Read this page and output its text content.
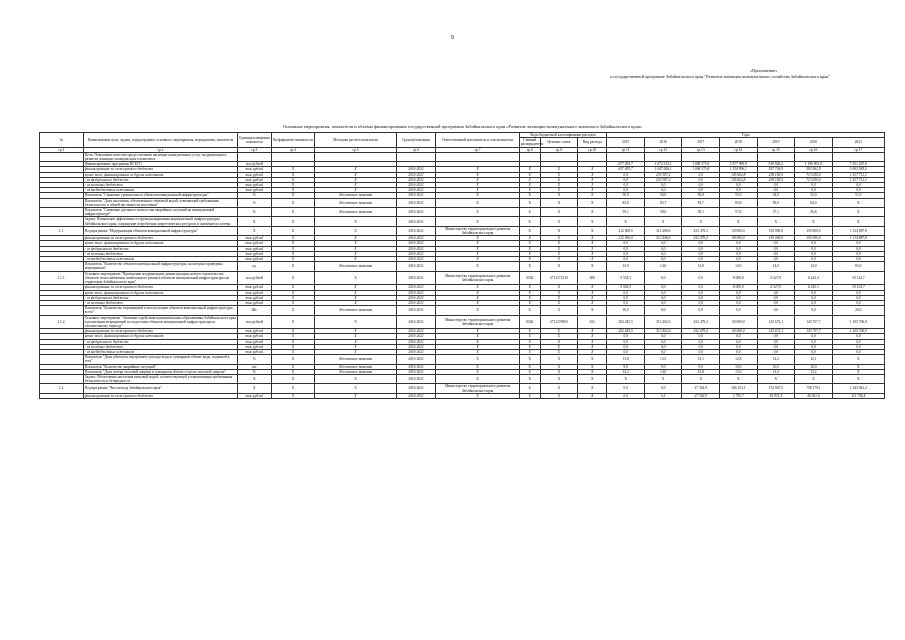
9
«Приложение»
к государственной программе Забайкальского края "Развитие жилищно-коммунального хозяйства Забайкальского края"
Основные мероприятия, показатели и объемы финансирования государственной программы Забайкальского края «Развитие жилищно-коммунального комплекса Забайкальского края»
№	Наименование цели, задачи, подпрограммы, основного мероприятия, мероприятия, показателя	Единица измерения показателя	Коэффициент значимости	Методика расчета показателя	Сроки реализации	Ответственный исполнитель и соисполнители	Коды бюджетной классификации расходов			Годы						
							Главный распорядитель	Целевая статья	Вид расхода	2015	2016	2017	2018	2019	2020	2021
гр.1	гр.2	гр.3	гр.4	гр.5	гр.6	гр.7	гр.8	гр.9	гр.10	гр.11	гр.12	гр.13	гр.14	гр.15	гр.16	гр.17
	Цель: Повышение качества предоставления жилищно-коммунальных услуг, модернизация и развитие жилищно-коммунального комплекса															
	Финансирование программы ВСЕГО	тыс.рублей								677 493,7	1 072 313,1	1 008 375,8	1 877 999,9	918 826,2	1 196 801,0	7 351 267,0
	финансирование за счет краевого бюджета	тыс.рублей	X	X	2016-2021	X	X	X	X	657 493,7	1 047 926,1	1 008 375,8	1 334 996,1	597 736,9	593 962,9	5 063 585,0
	кроме того, финансирование из других источников:	тыс.рублей	X	X	2016-2021	X	X	X	X	0,0	230 387,2	0,0	145 662,8	238 169,5	713 650,0	1 417 712,1
	- из федерального бюджета	тыс.рублей	X	X	2016-2021	X	X	X	X	0,0	230 387,2	0,0	145 662,8	238 169,5	713 650,0	1 417 712,1
	- из местных бюджетов	тыс.рублей	X	X	2016-2021	X	X	X	X	0,0	0,0	0,0	0,0	0,0	0,0	0,0
	- из внебюджетных источников	тыс.рублей	X	X	2016-2021	X	X	X	X	0,0	0,0	0,0	0,0	0,0	0,0	0,0
	Показатель "Снижение уровня износа объектов коммунальной инфраструктуры"	%	X	Абсолютное значение	2016-2021	X	X	X	X	56,0	56,0	56,0	55,0	54,0	52,0	51,0
	Показатель "Доля населения, обеспеченного питьевой водой, отвечающей требованиям безопасности, в общей численности населения"	%	X	Абсолютное значение	2016-2021	X	X	X	X	83,6	83,7	83,7	83,8	83,9	84,0	X
	Показатель "Снижение удельного количества аварийных ситуаций на коммунальной инфраструктуре"	%	X	Абсолютное значение	2016-2021	X	X	X	X	59,1	58,6	58,1	57,6	57,1	56,6	X
	Задача: Повышение эффективности функционирования коммунальной инфраструктуры Забайкальского края, сокращение потребления энергетических ресурсов и снижение их потерь	X	X	X	2016-2021	X	X	X	X	X	X	X	X	X	X	X
1.1.	Подпрограмма "Модернизация объектов коммунальной инфраструктуры"	X	X	X	2016-2021	Министерство территориального развития Забайкальского края	X	X	X	212 000,0	312 408,6	252 479,2	58 000,0	150 000,0	150 000,0	1 134 887,8
	финансирование за счет краевого бюджета	тыс.рублей	X	X	2016-2021	X	X	X	X	212 000,0	312 408,6	252 479,2	58 000,0	150 000,0	150 000,0	1 134 887,8
	кроме того, финансирование из других источников:	тыс.рублей	X	X	2016-2021	X	X	X	X	0,0	0,0	0,0	0,0	0,0	0,0	0,0
	- из федерального бюджета	тыс.рублей	X	X	2016-2021	X	X	X	X	0,0	0,0	0,0	0,0	0,0	0,0	0,0
	- из местных бюджетов	тыс.рублей	X	X	2016-2021	X	X	X	X	0,0	0,0	0,0	0,0	0,0	0,0	0,0
	- из внебюджетных источников	тыс.рублей	X	X	2016-2021	X	X	X	X	0,0	0,0	0,0	0,0	0,0	0,0	0,0
	Показатель "Количество объектов коммунальной инфраструктуры, на которых проведены мероприятия"	ед.	X	Абсолютное значение	2016-2021	X	X	X	X	13,0	14,0	14,0	14,0	14,0	14,0	83,0
1.1.1.	Основное мероприятие "Проведение модернизации, реконструкции, нового строительства объектов теплоснабжения, капитального ремонта объектов коммунальной инфраструктуры на территории Забайкальского края"	тыс.рублей	X	X	2016-2021	Министерство территориального развития Забайкальского края	0302	2711271410	400	9 554,5	0,0	0,0	8 000,0	6 327,9	6 242,3	30 124,7
	финансирование за счет краевого бюджета	тыс.рублей	X	X	2016-2021	X	X	X	X	9 554,5	0,0	0,0	8 000,0	6 327,9	6 242,3	30 124,7
	кроме того, финансирование из других источников:	тыс.рублей	X	X	2016-2021	X	X	X	X	0,0	0,0	0,0	0,0	0,0	0,0	0,0
	- из федерального бюджета	тыс.рублей	X	X	2016-2021	X	X	X	X	0,0	0,0	0,0	0,0	0,0	0,0	0,0
	- из местных бюджетов	тыс.рублей	X	X	2016-2021	X	X	X	X	0,0	0,0	0,0	0,0	0,0	0,0	0,0
	Показатель "Количество мероприятий в эксплуатацию объектов коммунальной инфраструктуры, всего"	Шт.	X	Абсолютное значение	2016-2021	X	X	X	X	10,0	0,0	0,0	0,0	0,0	0,0	20,0
1.1.2.	Основное мероприятие "Оказание содействия муниципальным образованиям Забайкальского края в реализации мероприятий по подготовке объектов коммунальной инфраструктуры к отопительному периоду"	тыс.рублей	X	X	2016-2021	Министерство территориального развития Забайкальского края	0302	2711274965	521	202 445,5	313 402,6	252 479,2	50 000,0	143 672,1	143 757,7	1 105 706,9
	финансирование за счет краевого бюджета	тыс.рублей	X	X	2016-2021	X	X	X	X	202 445,5	313 402,6	252 479,2	50 000,0	143 672,1	143 757,7	1 105 706,9
	кроме того, финансирование из других источников:	тыс.рублей	X	X	2016-2021	X	X	X	X	0,0	0,0	0,0	0,0	0,0	0,0	0,0
	- из федерального бюджета	тыс.рублей	X	X	2016-2021	X	X	X	X	0,0	0,0	0,0	0,0	0,0	0,0	0,0
	- из местных бюджетов	тыс.рублей	X	X	2016-2021	X	X	X	X	0,0	0,0	0,0	0,0	0,0	0,0	0,0
	- из внебюджетных источников	тыс.рублей	X	X	2016-2021	X	X	X	X	0,0	0,0	0,0	0,0	0,0	0,0	0,0
	Показатель "Доля убытков и внутреннего расхода воды в суммарном объеме воды, поданной в сеть"	%	X	Абсолютное значение	2016-2021	X	X	X	X	13,8	13,5	13,1	12,8	12,2	12,1	X
	Показатель "Количество аварийных ситуаций"	шт.	X	Абсолютное значение	2016-2021	X	X	X	X	9,0	9,0	9,0	10,0	10,0	10,0	X
	Показатель "Доля потерь тепловой энергии в суммарном объеме отпуска тепловой энергии"	%	X	Абсолютное значение	2016-2021	X	X	X	X	14,2	14,0	13,8	13,6	13,3	13,2	X
	Задача: Обеспечение населения питьевой водой, соответствующей установленным требованиям безопасности и безвредности	X	X	X	2016-2021	X	X	X	X	X	X	X	X	X	X	X
1.2.	Подпрограмма "Чистая вода Забайкальского края"	X	X	X	2016-2021	Министерство территориального развития Забайкальского края	X	X	X	0,0	0,0	27 302,9	166 153,1	372 967,5	758 179,1	1 343 061,2
	финансирование за счет краевого бюджета	тыс.рублей	X	X	2016-2021	X	X	X	X	0,0	0,1	27 302,9	2 750,7	36 931,5	44 361,6	111 756,4
